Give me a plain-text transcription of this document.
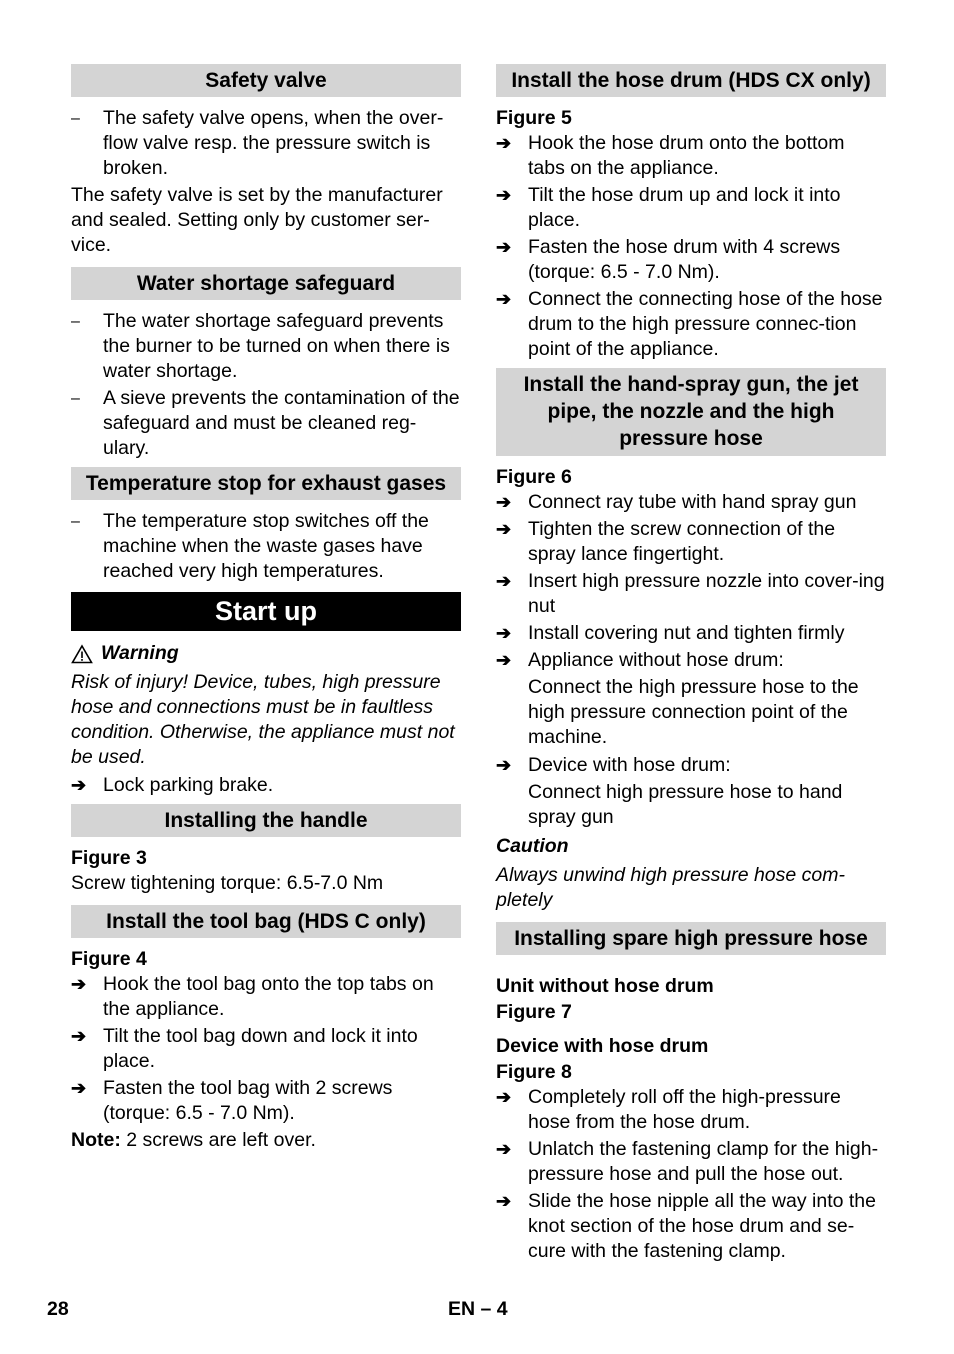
Safety valve
–	The safety valve opens, when the over-flow valve resp. the pressure switch is broken.

The safety valve is set by the manufacturer and sealed. Setting only by customer ser-vice.

Water shortage safeguard
–	The water shortage safeguard prevents the burner to be turned on when there is water shortage.
–	A sieve prevents the contamination of the safeguard and must be cleaned reg-ulary.
Temperature stop for exhaust gases
–	The temperature stop switches off the machine when the waste gases have reached very high temperatures.
Start up
Warning

Risk of injury! Device, tubes, high pressure hose and connections must be in faultless condition. Otherwise, the appliance must not be used.

➔ Lock parking brake.
Installing the handle

Figure 3

Screw tightening torque: 6.5-7.0 Nm

Install the tool bag (HDS C only)

Figure 4

➔ Hook the tool bag onto the top tabs on the appliance.
➔ Tilt the tool bag down and lock it into place.
➔ Fasten the tool bag with 2 screws (torque: 6.5 - 7.0 Nm).

Note: 2 screws are left over.

Install the hose drum (HDS CX only)

Figure 5

➔ Hook the hose drum onto the bottom tabs on the appliance.
➔ Tilt the hose drum up and lock it into place.
➔ Fasten the hose drum with 4 screws (torque: 6.5 - 7.0 Nm).
➔ Connect the connecting hose of the hose drum to the high pressure connec-tion point of the appliance.
Install the hand-spray gun, the jet pipe, the nozzle and the high pressure hose

Figure 6

➔ Connect ray tube with hand spray gun
➔ Tighten the screw connection of the spray lance fingertight.
➔ Insert high pressure nozzle into cover-ing nut
➔ Install covering nut and tighten firmly
➔ Appliance without hose drum:

Connect the high pressure hose to the high pressure connection point of the machine.

➔ Device with hose drum:

Connect high pressure hose to hand spray gun

Caution

Always unwind high pressure hose com-pletely

Installing spare high pressure hose

Unit without hose drum

Figure 7

Device with hose drum

Figure 8

➔ Completely roll off the high-pressure hose from the hose drum.
➔ Unlatch the fastening clamp for the high-pressure hose and pull the hose out.
➔ Slide the hose nipple all the way into the knot section of the hose drum and se-cure with the fastening clamp.
28	EN – 4
